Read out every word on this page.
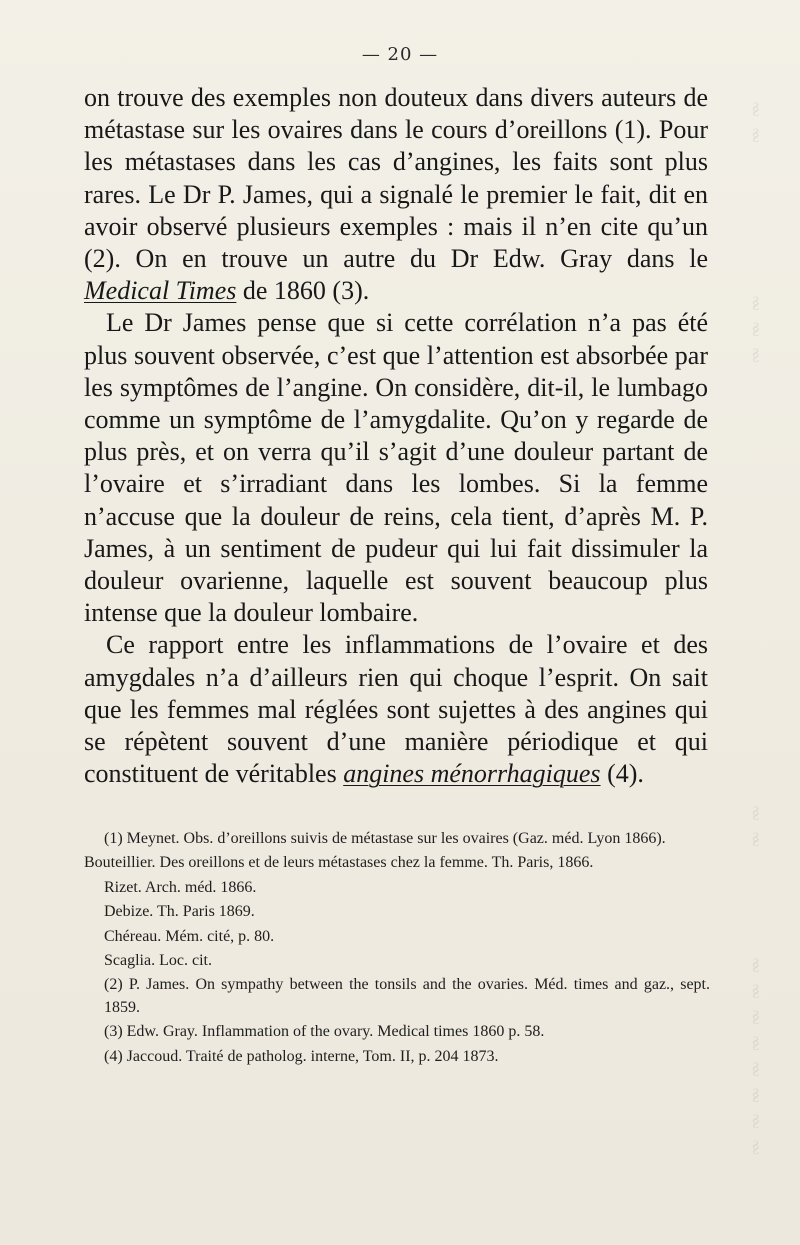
§
§
§
§
§
§
§
§
§
§
§
§
§
§
§
— 20 —

on trouve des exemples non douteux dans divers auteurs de métastase sur les ovaires dans le cours d’oreillons (1). Pour les métastases dans les cas d’angines, les faits sont plus rares. Le Dr P. James, qui a signalé le premier le fait, dit en avoir observé plusieurs exemples : mais il n’en cite qu’un (2). On en trouve un autre du Dr Edw. Gray dans le Medical Times de 1860 (3).

Le Dr James pense que si cette corrélation n’a pas été plus souvent observée, c’est que l’attention est absorbée par les symptômes de l’angine. On considère, dit-il, le lumbago comme un symptôme de l’amygdalite. Qu’on y regarde de plus près, et on verra qu’il s’agit d’une douleur partant de l’ovaire et s’irradiant dans les lombes. Si la femme n’accuse que la douleur de reins, cela tient, d’après M. P. James, à un sentiment de pudeur qui lui fait dissimuler la douleur ovarienne, laquelle est souvent beaucoup plus intense que la douleur lombaire.

Ce rapport entre les inflammations de l’ovaire et des amygdales n’a d’ailleurs rien qui choque l’esprit. On sait que les femmes mal réglées sont sujettes à des angines qui se répètent souvent d’une manière périodique et qui constituent de véritables angines ménorrhagiques (4).

(1) Meynet. Obs. d’oreillons suivis de métastase sur les ovaires (Gaz. méd. Lyon 1866).

Bouteillier. Des oreillons et de leurs métastases chez la femme. Th. Paris, 1866.

Rizet. Arch. méd. 1866.

Debize. Th. Paris 1869.

Chéreau. Mém. cité, p. 80.

Scaglia. Loc. cit.

(2) P. James. On sympathy between the tonsils and the ovaries. Méd. times and gaz., sept. 1859.

(3) Edw. Gray. Inflammation of the ovary. Medical times 1860 p. 58.

(4) Jaccoud. Traité de patholog. interne, Tom. II, p. 204 1873.
